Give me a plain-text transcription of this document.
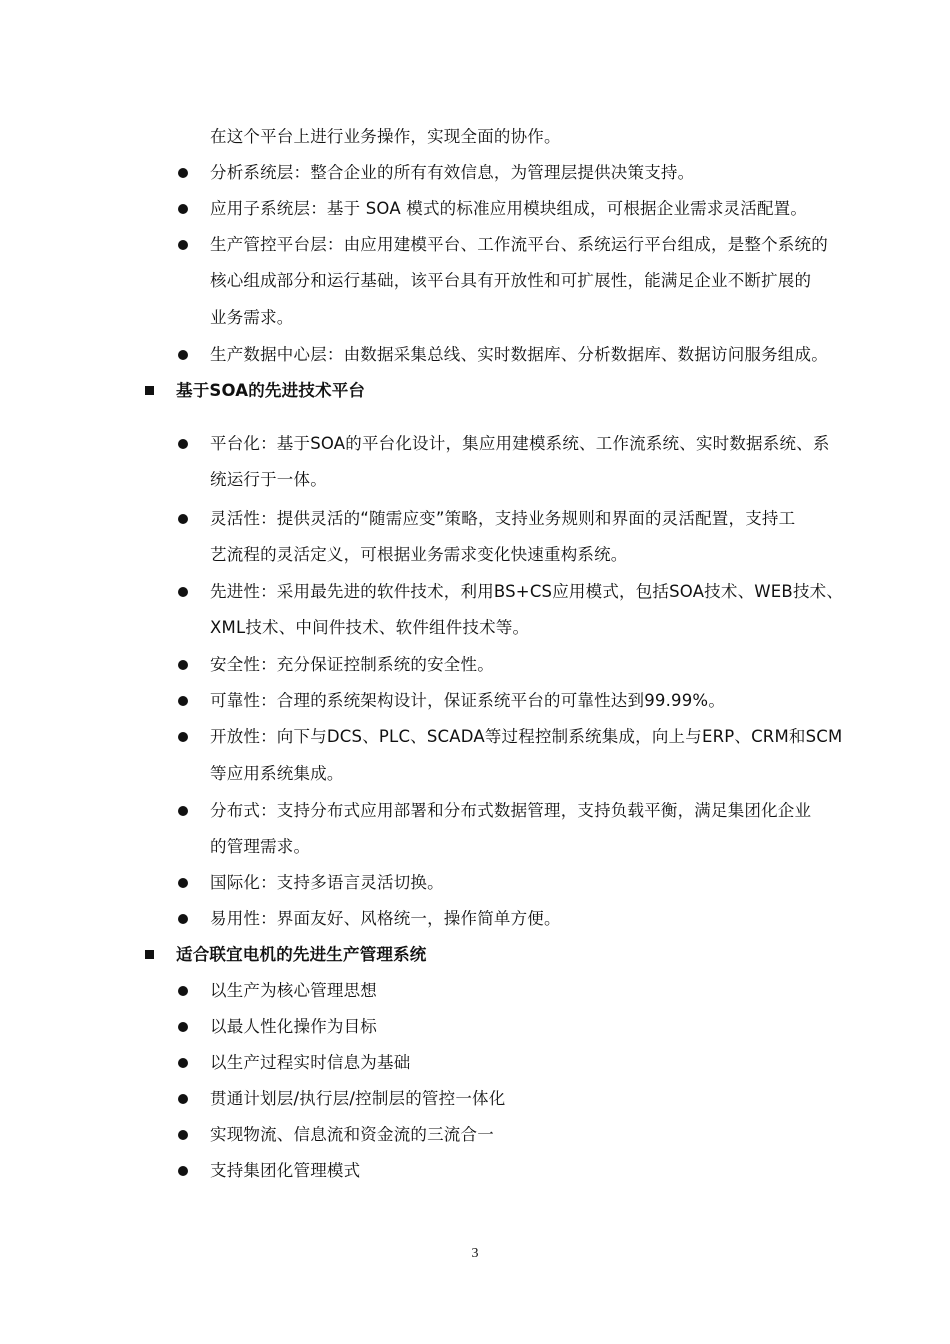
在这个平台上进行业务操作，实现全面的协作。
分析系统层：整合企业的所有有效信息，为管理层提供决策支持。
应用子系统层：基于 SOA 模式的标准应用模块组成，可根据企业需求灵活配置。
生产管控平台层：由应用建模平台、工作流平台、系统运行平台组成，是整个系统的
核心组成部分和运行基础，该平台具有开放性和可扩展性，能满足企业不断扩展的
业务需求。
生产数据中心层：由数据采集总线、实时数据库、分析数据库、数据访问服务组成。
基于SOA的先进技术平台
平台化：基于SOA的平台化设计，集应用建模系统、工作流系统、实时数据系统、系
统运行于一体。
灵活性：提供灵活的“随需应变”策略，支持业务规则和界面的灵活配置，支持工
艺流程的灵活定义，可根据业务需求变化快速重构系统。
先进性：采用最先进的软件技术，利用BS+CS应用模式，包括SOA技术、WEB技术、
XML技术、中间件技术、软件组件技术等。
安全性：充分保证控制系统的安全性。
可靠性：合理的系统架构设计，保证系统平台的可靠性达到99.99%。
开放性：向下与DCS、PLC、SCADA等过程控制系统集成，向上与ERP、CRM和SCM
等应用系统集成。
分布式：支持分布式应用部署和分布式数据管理，支持负载平衡，满足集团化企业
的管理需求。
国际化：支持多语言灵活切换。
易用性：界面友好、风格统一，操作简单方便。
适合联宜电机的先进生产管理系统
以生产为核心管理思想
以最人性化操作为目标
以生产过程实时信息为基础
贯通计划层/执行层/控制层的管控一体化
实现物流、信息流和资金流的三流合一
支持集团化管理模式
3
